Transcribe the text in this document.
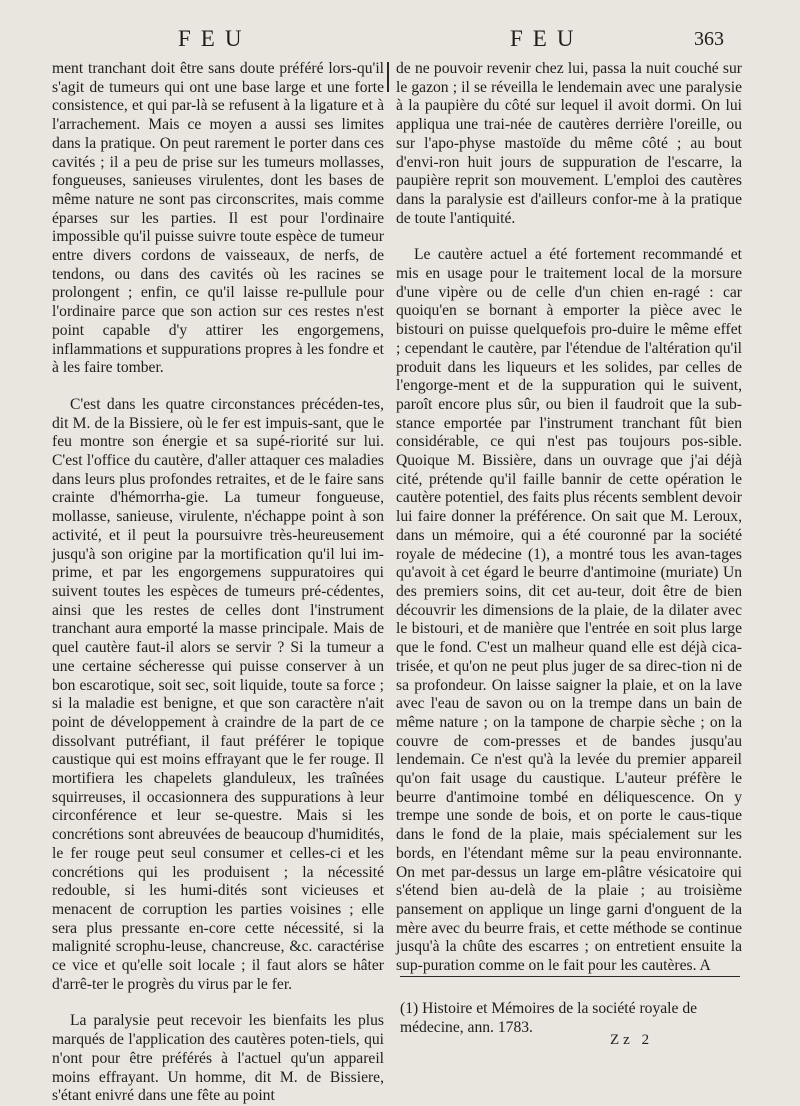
FEU	FEU	363

ment tranchant doit être sans doute préféré lors-qu'il s'agit de tumeurs qui ont une base large et une forte consistence, et qui par-là se refusent à la ligature et à l'arrachement. Mais ce moyen a aussi ses limites dans la pratique. On peut rarement le porter dans ces cavités ; il a peu de prise sur les tumeurs mollasses, fongueuses, sanieuses virulentes, dont les bases de même nature ne sont pas circonscrites, mais comme éparses sur les parties. Il est pour l'ordinaire impossible qu'il puisse suivre toute espèce de tumeur entre divers cordons de vaisseaux, de nerfs, de tendons, ou dans des cavités où les racines se prolongent ; enfin, ce qu'il laisse re-pullule pour l'ordinaire parce que son action sur ces restes n'est point capable d'y attirer les engorgemens, inflammations et suppurations propres à les fondre et à les faire tomber.

C'est dans les quatre circonstances précéden-tes, dit M. de la Bissiere, où le fer est impuis-sant, que le feu montre son énergie et sa supé-riorité sur lui. C'est l'office du cautère, d'aller attaquer ces maladies dans leurs plus profondes retraites, et de le faire sans crainte d'hémorrha-gie. La tumeur fongueuse, mollasse, sanieuse, virulente, n'échappe point à son activité, et il peut la poursuivre très-heureusement jusqu'à son origine par la mortification qu'il lui im-prime, et par les engorgemens suppuratoires qui suivent toutes les espèces de tumeurs pré-cédentes, ainsi que les restes de celles dont l'instrument tranchant aura emporté la masse principale. Mais de quel cautère faut-il alors se servir ? Si la tumeur a une certaine sécheresse qui puisse conserver à un bon escarotique, soit sec, soit liquide, toute sa force ; si la maladie est benigne, et que son caractère n'ait point de développement à craindre de la part de ce dissolvant putréfiant, il faut préférer le topique caustique qui est moins effrayant que le fer rouge. Il mortifiera les chapelets glanduleux, les traînées squirreuses, il occasionnera des suppurations à leur circonférence et leur se-questre. Mais si les concrétions sont abreuvées de beaucoup d'humidités, le fer rouge peut seul consumer et celles-ci et les concrétions qui les produisent ; la nécessité redouble, si les humi-dités sont vicieuses et menacent de corruption les parties voisines ; elle sera plus pressante en-core cette nécessité, si la malignité scrophu-leuse, chancreuse, &c. caractérise ce vice et qu'elle soit locale ; il faut alors se hâter d'arrê-ter le progrès du virus par le fer.

La paralysie peut recevoir les bienfaits les plus marqués de l'application des cautères poten-tiels, qui n'ont pour être préférés à l'actuel qu'un appareil moins effrayant. Un homme, dit M. de Bissiere, s'étant enivré dans une fête au point

de ne pouvoir revenir chez lui, passa la nuit couché sur le gazon ; il se réveilla le lendemain avec une paralysie à la paupière du côté sur lequel il avoit dormi. On lui appliqua une trai-née de cautères derrière l'oreille, ou sur l'apo-physe mastoïde du même côté ; au bout d'envi-ron huit jours de suppuration de l'escarre, la paupière reprit son mouvement. L'emploi des cautères dans la paralysie est d'ailleurs confor-me à la pratique de toute l'antiquité.

Le cautère actuel a été fortement recommandé et mis en usage pour le traitement local de la morsure d'une vipère ou de celle d'un chien en-ragé : car quoiqu'en se bornant à emporter la pièce avec le bistouri on puisse quelquefois pro-duire le même effet ; cependant le cautère, par l'étendue de l'altération qu'il produit dans les liqueurs et les solides, par celles de l'engorge-ment et de la suppuration qui le suivent, paroît encore plus sûr, ou bien il faudroit que la sub-stance emportée par l'instrument tranchant fût bien considérable, ce qui n'est pas toujours pos-sible. Quoique M. Bissière, dans un ouvrage que j'ai déjà cité, prétende qu'il faille bannir de cette opération le cautère potentiel, des faits plus récents semblent devoir lui faire donner la préférence. On sait que M. Leroux, dans un mémoire, qui a été couronné par la société royale de médecine (1), a montré tous les avan-tages qu'avoit à cet égard le beurre d'antimoine (muriate) Un des premiers soins, dit cet au-teur, doit être de bien découvrir les dimensions de la plaie, de la dilater avec le bistouri, et de manière que l'entrée en soit plus large que le fond. C'est un malheur quand elle est déjà cica-trisée, et qu'on ne peut plus juger de sa direc-tion ni de sa profondeur. On laisse saigner la plaie, et on la lave avec l'eau de savon ou on la trempe dans un bain de même nature ; on la tampone de charpie sèche ; on la couvre de com-presses et de bandes jusqu'au lendemain. Ce n'est qu'à la levée du premier appareil qu'on fait usage du caustique. L'auteur préfère le beurre d'antimoine tombé en déliquescence. On y trempe une sonde de bois, et on porte le caus-tique dans le fond de la plaie, mais spécialement sur les bords, en l'étendant même sur la peau environnante. On met par-dessus un large em-plâtre vésicatoire qui s'étend bien au-delà de la plaie ; au troisième pansement on applique un linge garni d'onguent de la mère avec du beurre frais, et cette méthode se continue jusqu'à la chûte des escarres ; on entretient ensuite la sup-puration comme on le fait pour les cautères. A

(1) Histoire et Mémoires de la société royale de médecine, ann. 1783.
Zz 2
